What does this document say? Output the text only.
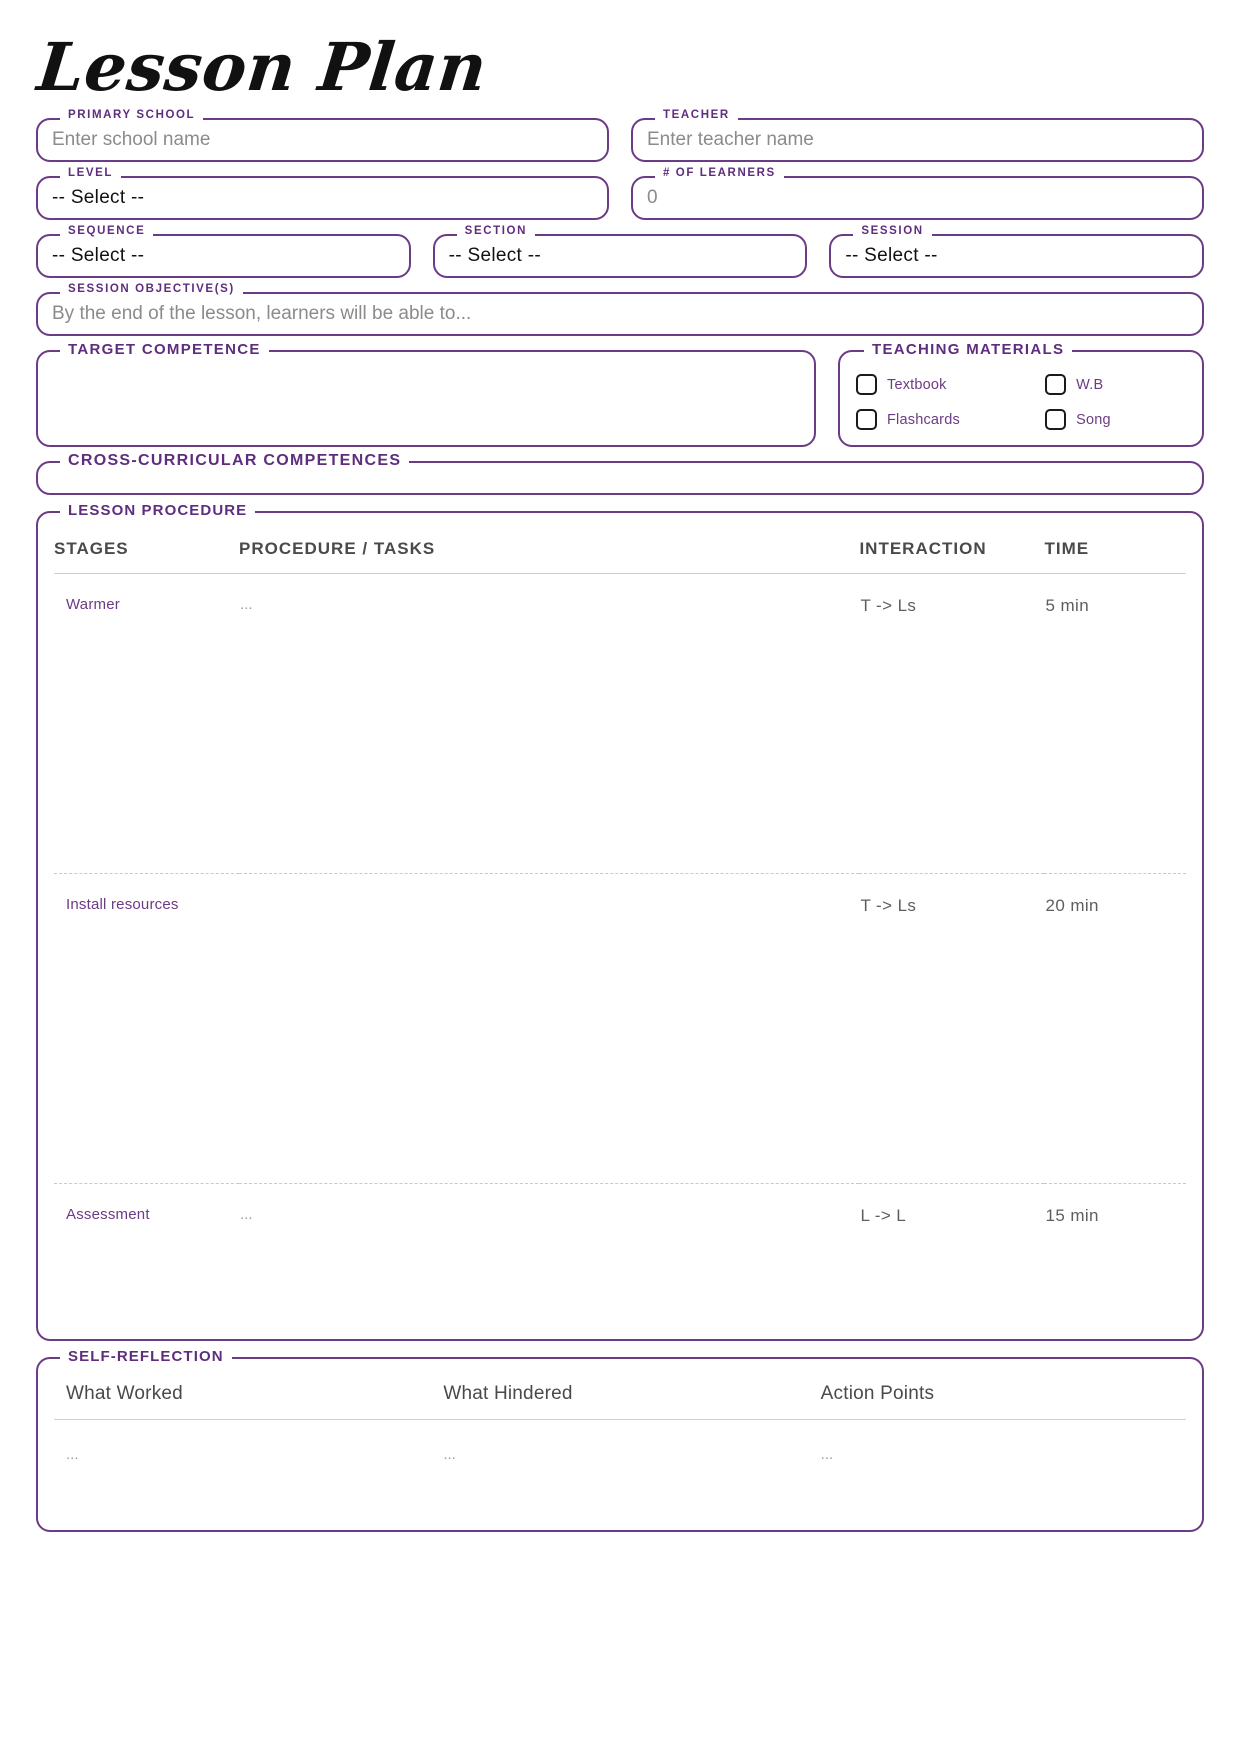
Lesson Plan
PRIMARY SCHOOL
Enter school name
TEACHER
Enter teacher name
LEVEL
-- Select --
# OF LEARNERS
0
SEQUENCE
-- Select --
SECTION
-- Select --
SESSION
-- Select --
SESSION OBJECTIVE(S)
By the end of the lesson, learners will be able to...
TARGET COMPETENCE	TEACHING MATERIALS
Textbook	W.B
Flashcards	Song
CROSS-CURRICULAR COMPETENCES
LESSON PROCEDURE
STAGES	PROCEDURE / TASKS	INTERACTION	TIME
Warmer	...	T -> Ls	5 min
Install resources		T -> Ls	20 min
Assessment	...	L -> L	15 min
SELF-REFLECTION
What Worked	What Hindered	Action Points
...	...	...
